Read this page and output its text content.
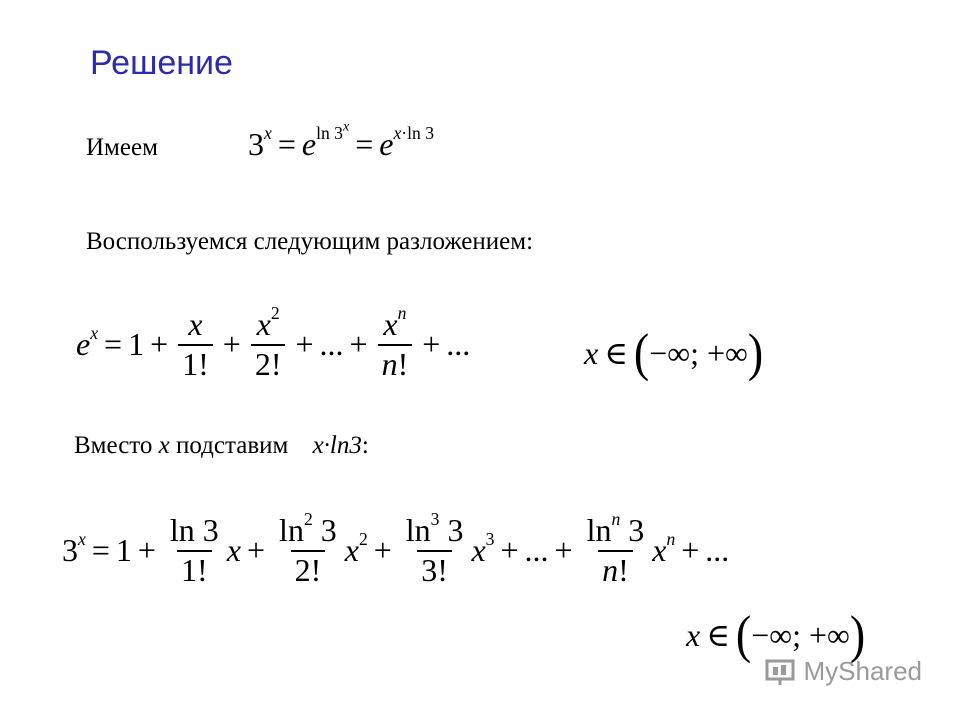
Решение
Имеем	$3^x = e^{ln 3^x} = e^{x\cdot ln 3}$
Воспользуемся следующим разложением:
$e^x = 1 + \frac{x}{1!} + \frac{x^2}{2!}$ + ... + $\frac{x^n}{n!}$ + ...	x ∈ ( −∞; +∞ )
Вместо x подставим x·ln3:
$3^x = 1 + \frac{\ln 3}{1!}$ $x + \frac{\ln^2 3}{2!} x^2 + \frac{\ln^3 3}{3!} x^3$ + ... + $\frac{\ln^n 3}{n!} x^n$ + ...
x ∈ ( −∞; +∞ )
MyShared
